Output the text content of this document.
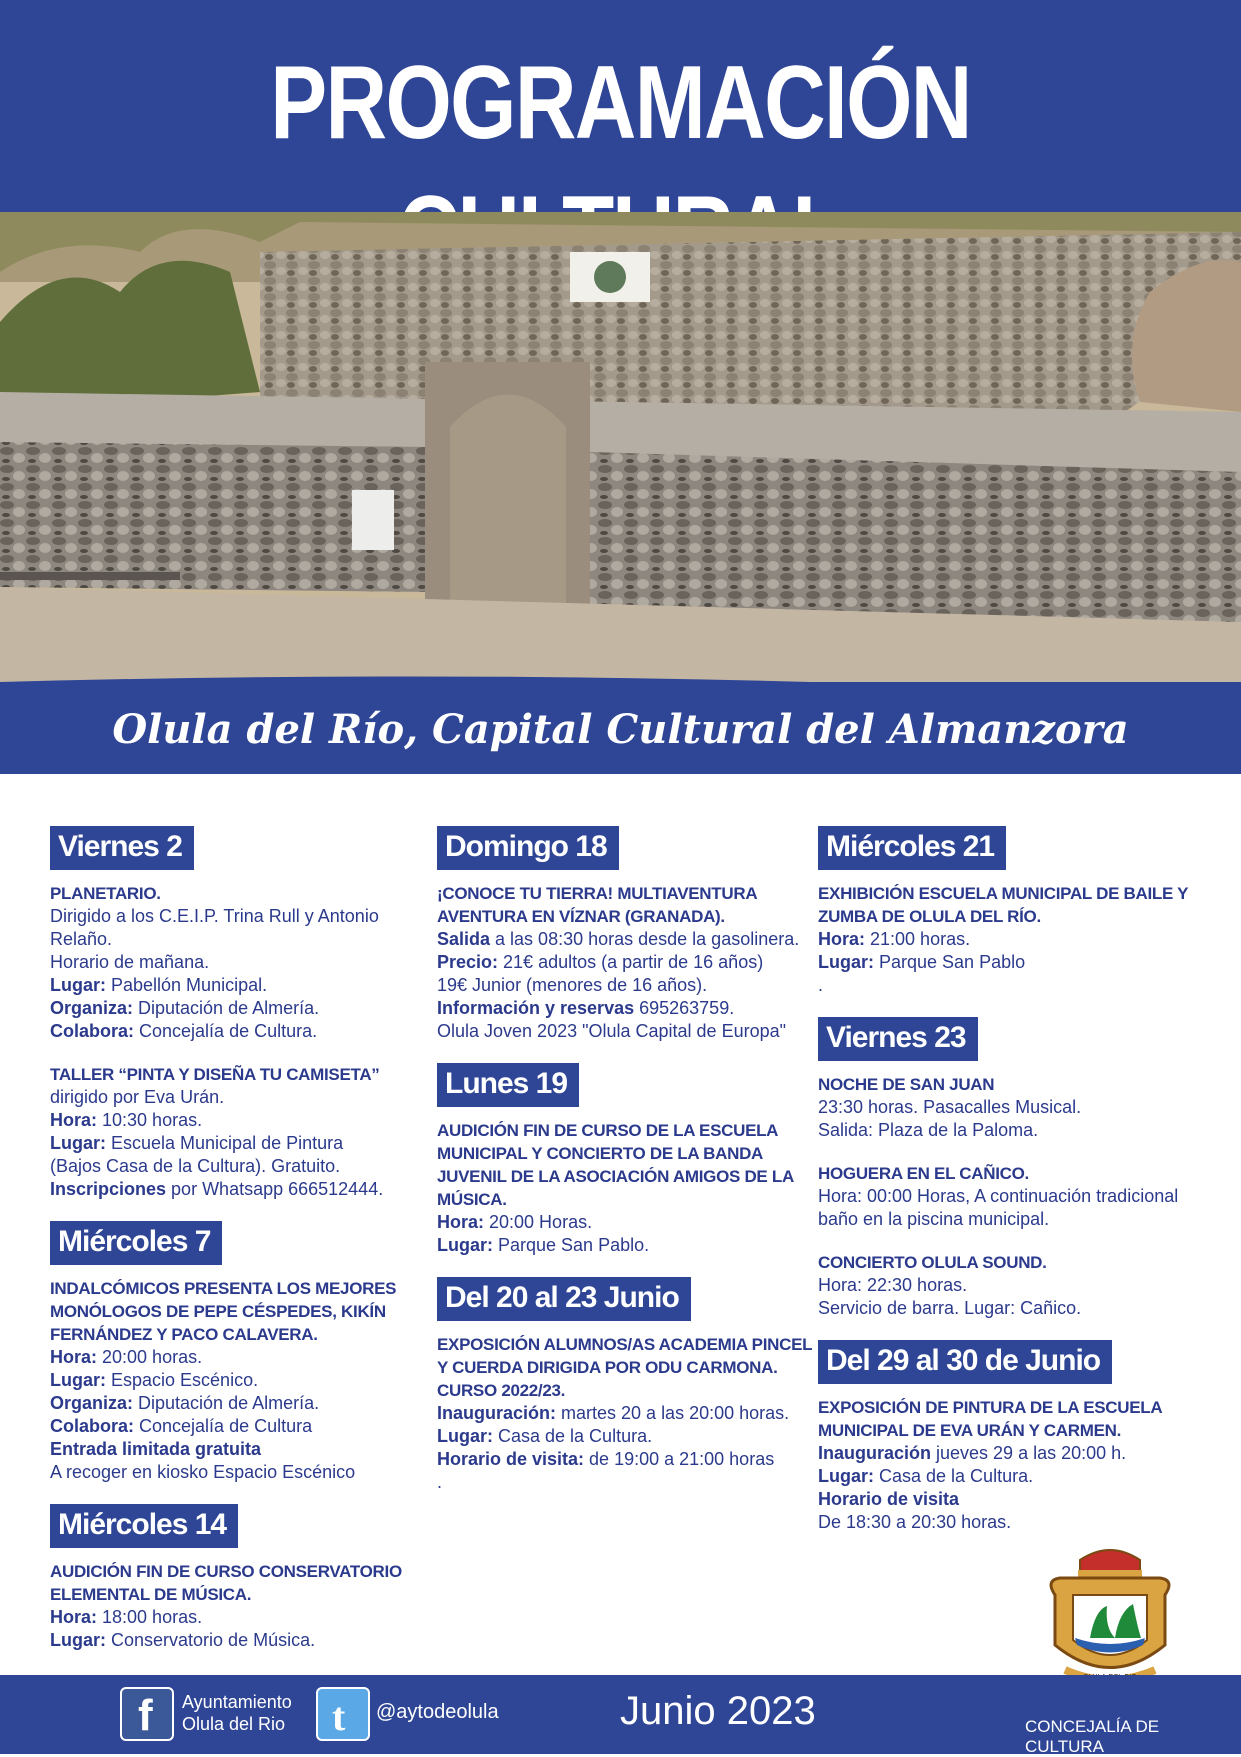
PROGRAMACIÓN
Olula del Río, Capital Cultural del Almanzora
Viernes 2
PLANETARIO.
Dirigido a los C.E.I.P. Trina Rull y Antonio Relaño.
Horario de mañana.
Lugar: Pabellón Municipal.
Organiza: Diputación de Almería.
Colabora: Concejalía de Cultura.
TALLER “PINTA Y DISEÑA TU CAMISETA”
dirigido por Eva Urán.
Hora: 10:30 horas.
Lugar: Escuela Municipal de Pintura
(Bajos Casa de la Cultura). Gratuito.
Inscripciones por Whatsapp 666512444.
Miércoles 7
INDALCÓMICOS PRESENTA LOS MEJORES MONÓLOGOS DE PEPE CÉSPEDES, KIKÍN FERNÁNDEZ Y PACO CALAVERA.
Hora: 20:00 horas.
Lugar: Espacio Escénico.
Organiza: Diputación de Almería.
Colabora: Concejalía de Cultura
Entrada limitada gratuita
A recoger en kiosko Espacio Escénico
Miércoles 14
AUDICIÓN FIN DE CURSO CONSERVATORIO ELEMENTAL DE MÚSICA.
Hora: 18:00 horas.
Lugar: Conservatorio de Música.
Domingo 18
¡CONOCE TU TIERRA! MULTIAVENTURA AVENTURA EN VÍZNAR (GRANADA).
Salida a las 08:30 horas desde la gasolinera.
Precio: 21€ adultos (a partir de 16 años)
19€ Junior (menores de 16 años).
Información y reservas 695263759.
Olula Joven 2023 "Olula Capital de Europa"
Lunes 19
AUDICIÓN FIN DE CURSO DE LA ESCUELA MUNICIPAL Y CONCIERTO DE LA BANDA JUVENIL DE LA ASOCIACIÓN AMIGOS DE LA MÚSICA.
Hora: 20:00 Horas.
Lugar: Parque San Pablo.
Del 20 al 23 Junio
EXPOSICIÓN ALUMNOS/AS ACADEMIA PINCEL Y CUERDA DIRIGIDA POR ODU CARMONA. CURSO 2022/23.
Inauguración: martes 20 a las 20:00 horas.
Lugar: Casa de la Cultura.
Horario de visita: de 19:00 a 21:00 horas
.
Miércoles 21
EXHIBICIÓN ESCUELA MUNICIPAL DE BAILE Y ZUMBA DE OLULA DEL RÍO.
Hora: 21:00 horas.
Lugar: Parque San Pablo
.
Viernes 23
NOCHE DE SAN JUAN
23:30 horas. Pasacalles Musical.
Salida: Plaza de la Paloma.
HOGUERA EN EL CAÑICO.
Hora: 00:00 Horas, A continuación tradicional baño en la piscina municipal.
CONCIERTO OLULA SOUND.
Hora: 22:30 horas.
Servicio de barra. Lugar: Cañico.
Del 29 al 30 de Junio
EXPOSICIÓN DE PINTURA DE LA ESCUELA MUNICIPAL DE EVA URÁN Y CARMEN.
Inauguración jueves 29 a las 20:00 h.
Lugar: Casa de la Cultura.
Horario de visita
De 18:30 a 20:30 horas.
f Ayuntamiento
Olula del Rio t @aytodeolula	Junio 2023	CONCEJALÍA DE CULTURA
